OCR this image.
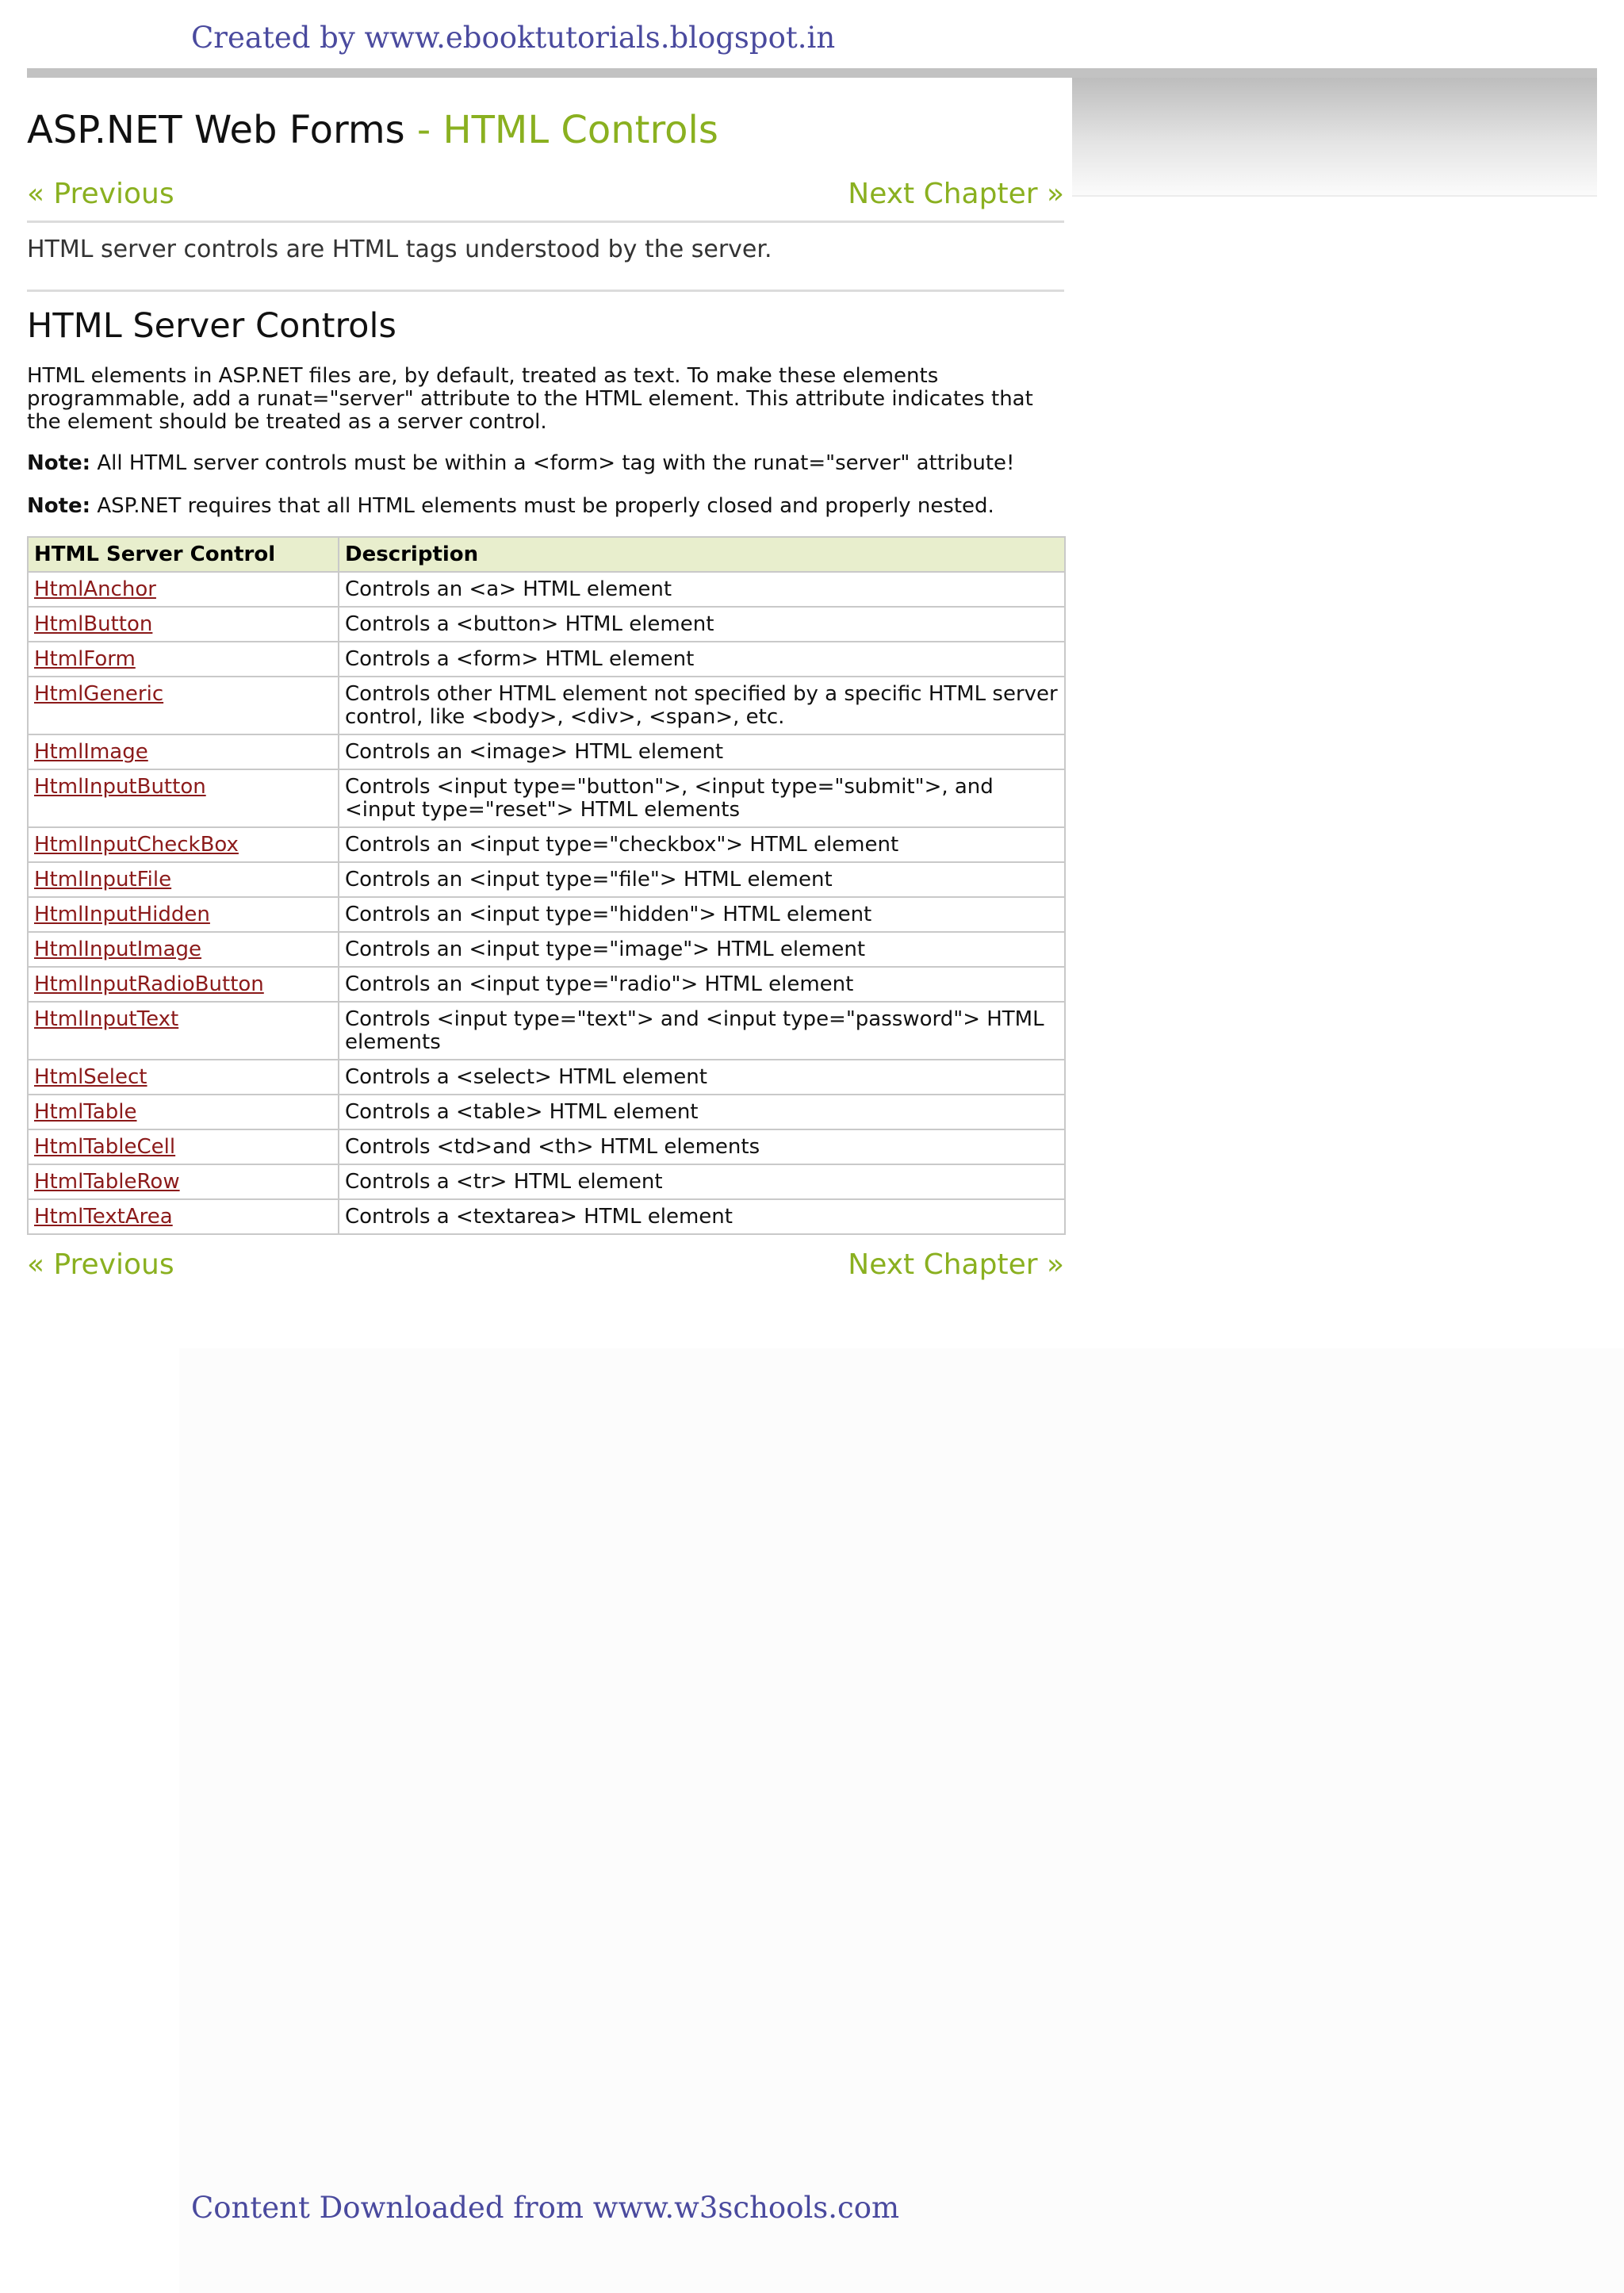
Created by www.ebooktutorials.blogspot.in
ASP.NET Web Forms - HTML Controls
« Previous	Next Chapter »

HTML server controls are HTML tags understood by the server.

HTML Server Controls

HTML elements in ASP.NET files are, by default, treated as text. To make these elements programmable, add a runat="server" attribute to the HTML element. This attribute indicates that the element should be treated as a server control.

Note: All HTML server controls must be within a <form> tag with the runat="server" attribute!

Note: ASP.NET requires that all HTML elements must be properly closed and properly nested.

HTML Server Control	Description
HtmlAnchor	Controls an <a> HTML element
HtmlButton	Controls a <button> HTML element
HtmlForm	Controls a <form> HTML element
HtmlGeneric	Controls other HTML element not specified by a specific HTML server control, like <body>, <div>, <span>, etc.
HtmlImage	Controls an <image> HTML element
HtmlInputButton	Controls <input type="button">, <input type="submit">, and <input type="reset"> HTML elements
HtmlInputCheckBox	Controls an <input type="checkbox"> HTML element
HtmlInputFile	Controls an <input type="file"> HTML element
HtmlInputHidden	Controls an <input type="hidden"> HTML element
HtmlInputImage	Controls an <input type="image"> HTML element
HtmlInputRadioButton	Controls an <input type="radio"> HTML element
HtmlInputText	Controls <input type="text"> and <input type="password"> HTML elements
HtmlSelect	Controls a <select> HTML element
HtmlTable	Controls a <table> HTML element
HtmlTableCell	Controls <td>and <th> HTML elements
HtmlTableRow	Controls a <tr> HTML element
HtmlTextArea	Controls a <textarea> HTML element
« Previous	Next Chapter »
Content Downloaded from www.w3schools.com
